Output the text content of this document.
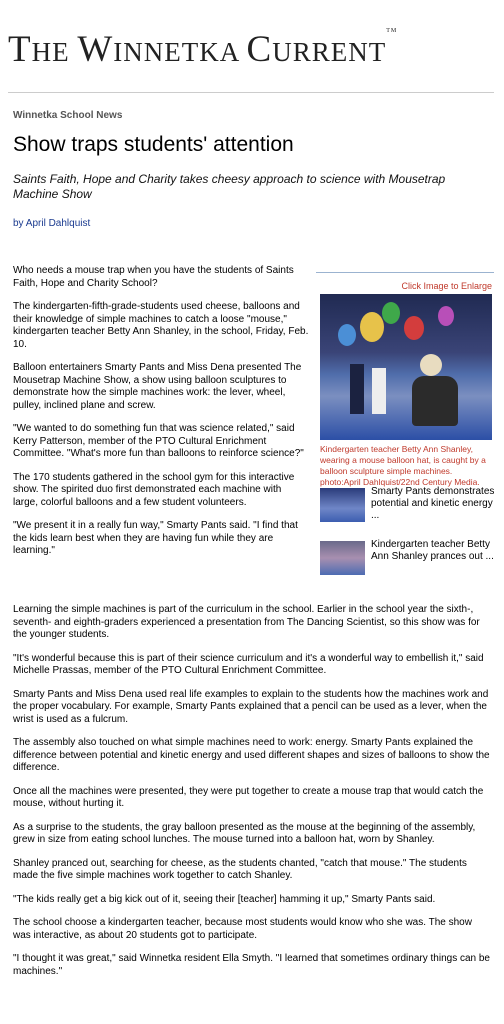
THE WINNETKA CURRENT™
Winnetka School News
Show traps students' attention
Saints Faith, Hope and Charity takes cheesy approach to science with Mousetrap Machine Show
by April Dahlquist
Click Image to Enlarge
Kindergarten teacher Betty Ann Shanley, wearing a mouse balloon hat, is caught by a balloon sculpture simple machines. photo:April Dahlquist/22nd Century Media.
Smarty Pants demonstrates potential and kinetic energy ...
Kindergarten teacher Betty Ann Shanley prances out ...

Who needs a mouse trap when you have the students of Saints Faith, Hope and Charity School?

The kindergarten-fifth-grade-students used cheese, balloons and their knowledge of simple machines to catch a loose "mouse," kindergarten teacher Betty Ann Shanley, in the school, Friday, Feb. 10.

Balloon entertainers Smarty Pants and Miss Dena presented The Mousetrap Machine Show, a show using balloon sculptures to demonstrate how the simple machines work: the lever, wheel, pulley, inclined plane and screw.

"We wanted to do something fun that was science related," said Kerry Patterson, member of the PTO Cultural Enrichment Committee. "What's more fun than balloons to reinforce science?"

The 170 students gathered in the school gym for this interactive show. The spirited duo first demonstrated each machine with large, colorful balloons and a few student volunteers.

"We present it in a really fun way," Smarty Pants said. "I find that the kids learn best when they are having fun while they are learning."

Learning the simple machines is part of the curriculum in the school. Earlier in the school year the sixth-, seventh- and eighth-graders experienced a presentation from The Dancing Scientist, so this show was for the younger students.

"It's wonderful because this is part of their science curriculum and it's a wonderful way to embellish it," said Michelle Prassas, member of the PTO Cultural Enrichment Committee.

Smarty Pants and Miss Dena used real life examples to explain to the students how the machines work and the proper vocabulary. For example, Smarty Pants explained that a pencil can be used as a lever, when the wrist is used as a fulcrum.

The assembly also touched on what simple machines need to work: energy. Smarty Pants explained the difference between potential and kinetic energy and used different shapes and sizes of balloons to show the difference.

Once all the machines were presented, they were put together to create a mouse trap that would catch the mouse, without hurting it.

As a surprise to the students, the gray balloon presented as the mouse at the beginning of the assembly, grew in size from eating school lunches. The mouse turned into a balloon hat, worn by Shanley.

Shanley pranced out, searching for cheese, as the students chanted, "catch that mouse." The students made the five simple machines work together to catch Shanley.

"The kids really get a big kick out of it, seeing their [teacher] hamming it up," Smarty Pants said.

The school choose a kindergarten teacher, because most students would know who she was. The show was interactive, as about 20 students got to participate.

"I thought it was great," said Winnetka resident Ella Smyth. "I learned that sometimes ordinary things can be machines."
